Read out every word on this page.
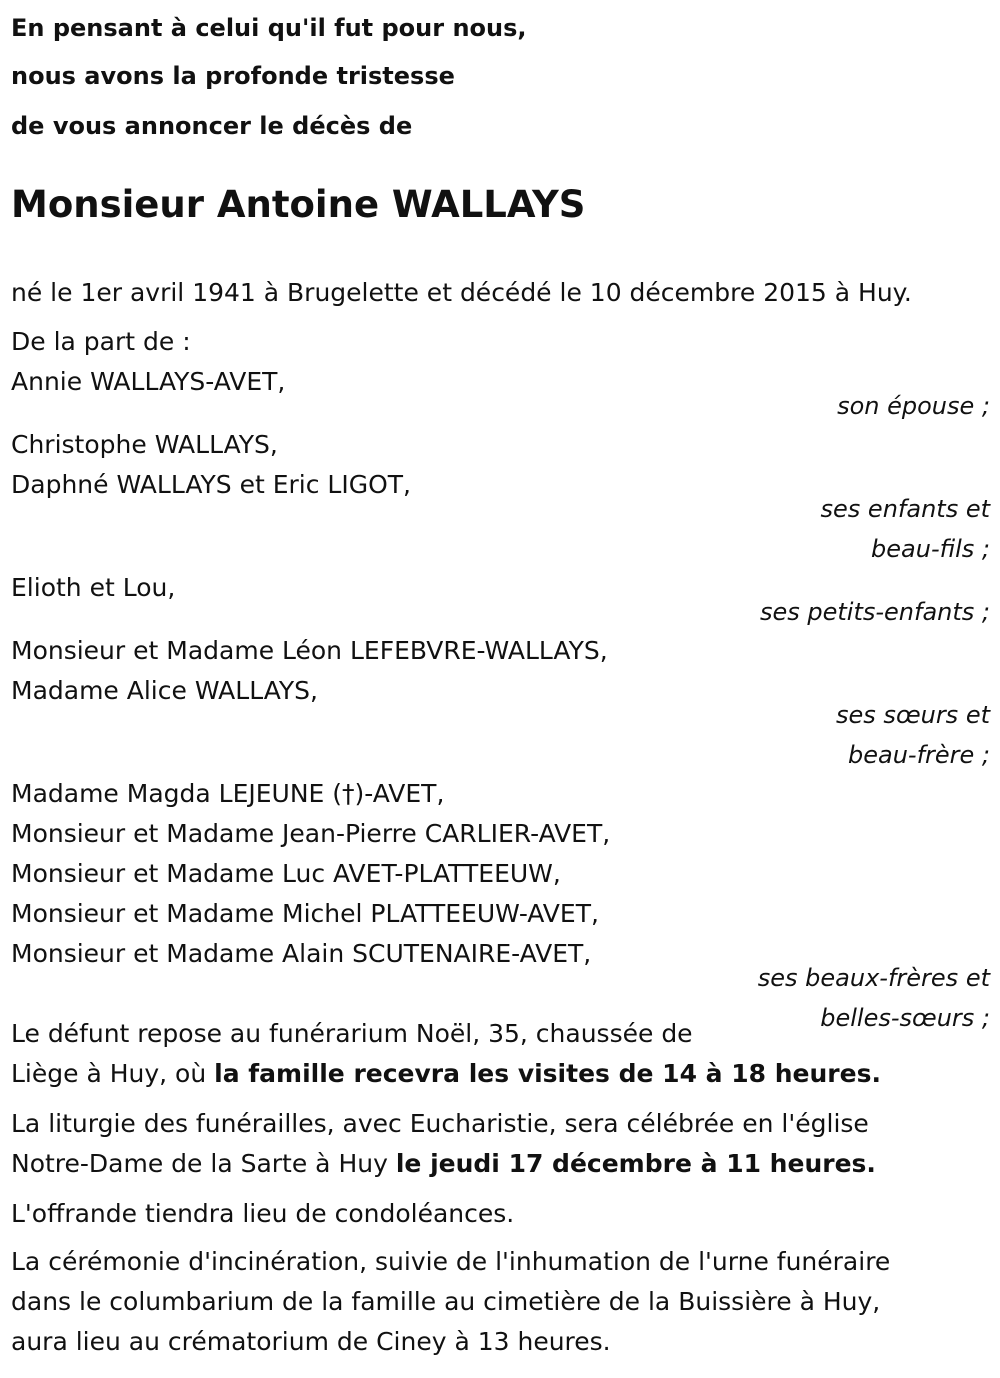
En pensant à celui qu'il fut pour nous,
nous avons la profonde tristesse
de vous annoncer le décès de
Monsieur Antoine WALLAYS
né le 1er avril 1941 à Brugelette et décédé le 10 décembre 2015 à Huy.
De la part de :
Annie WALLAYS-AVET,
son épouse ;
Christophe WALLAYS,
Daphné WALLAYS et Eric LIGOT,
ses enfants et
beau-fils ;
Elioth et Lou,
ses petits-enfants ;
Monsieur et Madame Léon LEFEBVRE-WALLAYS,
Madame Alice WALLAYS,
ses sœurs et
beau-frère ;
Madame Magda LEJEUNE (†)-AVET,
Monsieur et Madame Jean-Pierre CARLIER-AVET,
Monsieur et Madame Luc AVET-PLATTEEUW,
Monsieur et Madame Michel PLATTEEUW-AVET,
Monsieur et Madame Alain SCUTENAIRE-AVET,
ses beaux-frères et
belles-sœurs ;
Le défunt repose au funérarium Noël, 35, chaussée de
Liège à Huy, où la famille recevra les visites de 14 à 18 heures.
La liturgie des funérailles, avec Eucharistie, sera célébrée en l'église
Notre-Dame de la Sarte à Huy le jeudi 17 décembre à 11 heures.
L'offrande tiendra lieu de condoléances.
La cérémonie d'incinération, suivie de l'inhumation de l'urne funéraire
dans le columbarium de la famille au cimetière de la Buissière à Huy,
aura lieu au crématorium de Ciney à 13 heures.
